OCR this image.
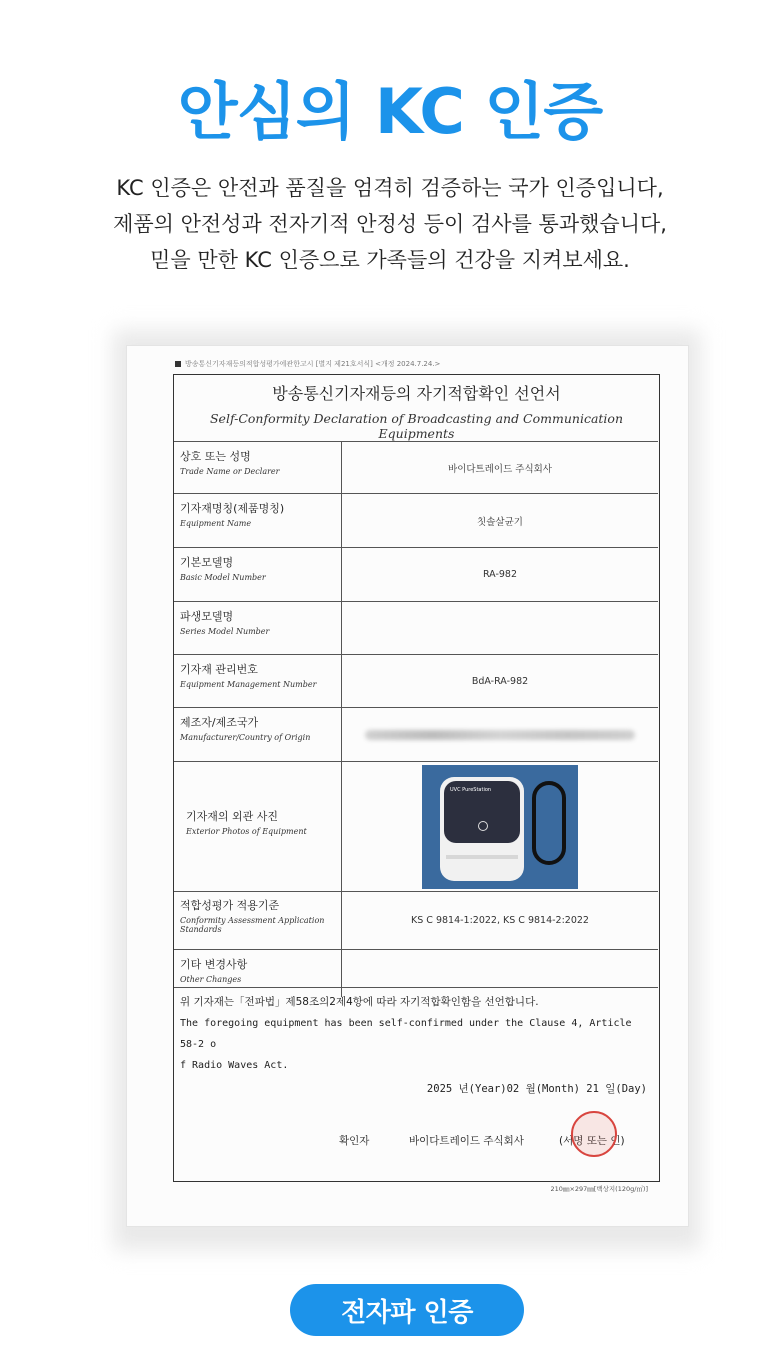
안심의 KC 인증
KC 인증은 안전과 품질을 엄격히 검증하는 국가 인증입니다,
제품의 안전성과 전자기적 안정성 등이 검사를 통과했습니다,
믿을 만한 KC 인증으로 가족들의 건강을 지켜보세요.
방송통신기자재등의적합성평가에관한고시 [별지 제21호서식] <개정 2024.7.24.>
방송통신기자재등의 자기적합확인 선언서
Self-Conformity Declaration of Broadcasting and Communication Equipments
상호 또는 성명
Trade Name or Declarer	바이다트레이드 주식회사
기자재명칭(제품명칭)
Equipment Name	칫솔살균기
기본모델명
Basic Model Number	RA-982
파생모델명
Series Model Number
기자재 관리번호
Equipment Management Number	BdA-RA-982
제조자/제조국가
Manufacturer/Country of Origin
기자재의 외관 사진
Exterior Photos of Equipment
UVC PureStation
적합성평가 적용기준
Conformity Assessment Application Standards
KS C 9814-1:2022, KS C 9814-2:2022
기타 변경사항
Other Changes
위 기자재는「전파법」제58조의2제4항에 따라 자기적합확인함을 선언합니다.
The foregoing equipment has been self-confirmed under the Clause 4, Article 58-2 o
f Radio Waves Act.
2025 년(Year)02 월(Month) 21 일(Day)
확인자	바이다트레이드 주식회사	(서명 또는 인)
210㎜×297㎜[백상지(120g/㎡)]
전자파 인증
